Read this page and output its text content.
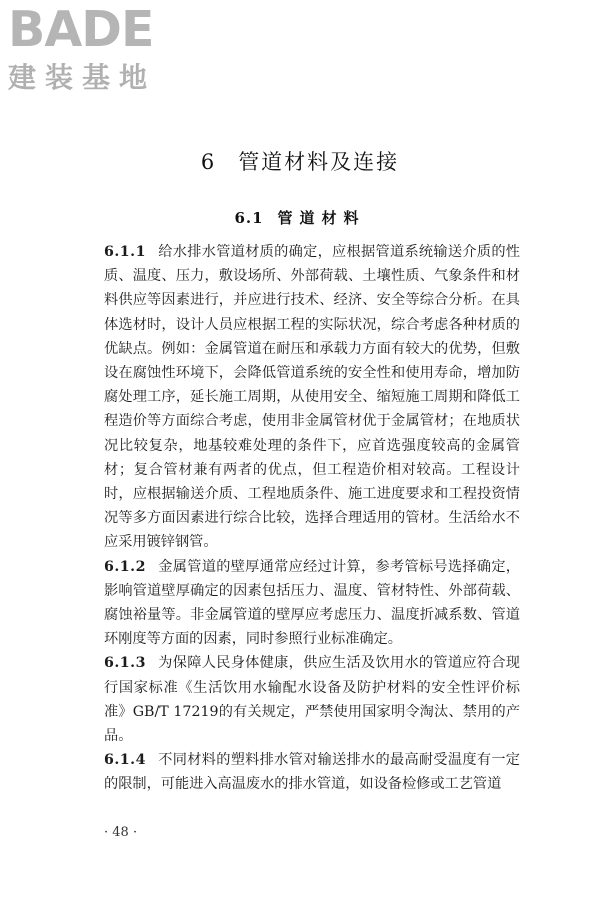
BADE
建装基地
6 管道材料及连接
6.1 管道材料

6.1.1 给水排水管道材质的确定，应根据管道系统输送介质的性质、温度、压力，敷设场所、外部荷载、土壤性质、气象条件和材料供应等因素进行，并应进行技术、经济、安全等综合分析。在具体选材时，设计人员应根据工程的实际状况，综合考虑各种材质的优缺点。例如：金属管道在耐压和承载力方面有较大的优势，但敷设在腐蚀性环境下，会降低管道系统的安全性和使用寿命，增加防腐处理工序，延长施工周期，从使用安全、缩短施工周期和降低工程造价等方面综合考虑，使用非金属管材优于金属管材；在地质状况比较复杂，地基较难处理的条件下，应首选强度较高的金属管材；复合管材兼有两者的优点，但工程造价相对较高。工程设计时，应根据输送介质、工程地质条件、施工进度要求和工程投资情况等多方面因素进行综合比较，选择合理适用的管材。生活给水不应采用镀锌钢管。

6.1.2 金属管道的壁厚通常应经过计算，参考管标号选择确定，影响管道壁厚确定的因素包括压力、温度、管材特性、外部荷载、腐蚀裕量等。非金属管道的壁厚应考虑压力、温度折减系数、管道环刚度等方面的因素，同时参照行业标准确定。

6.1.3 为保障人民身体健康，供应生活及饮用水的管道应符合现行国家标准《生活饮用水输配水设备及防护材料的安全性评价标准》GB/T 17219的有关规定，严禁使用国家明令淘汰、禁用的产品。

6.1.4 不同材料的塑料排水管对输送排水的最高耐受温度有一定的限制，可能进入高温废水的排水管道，如设备检修或工艺管道

· 48 ·
